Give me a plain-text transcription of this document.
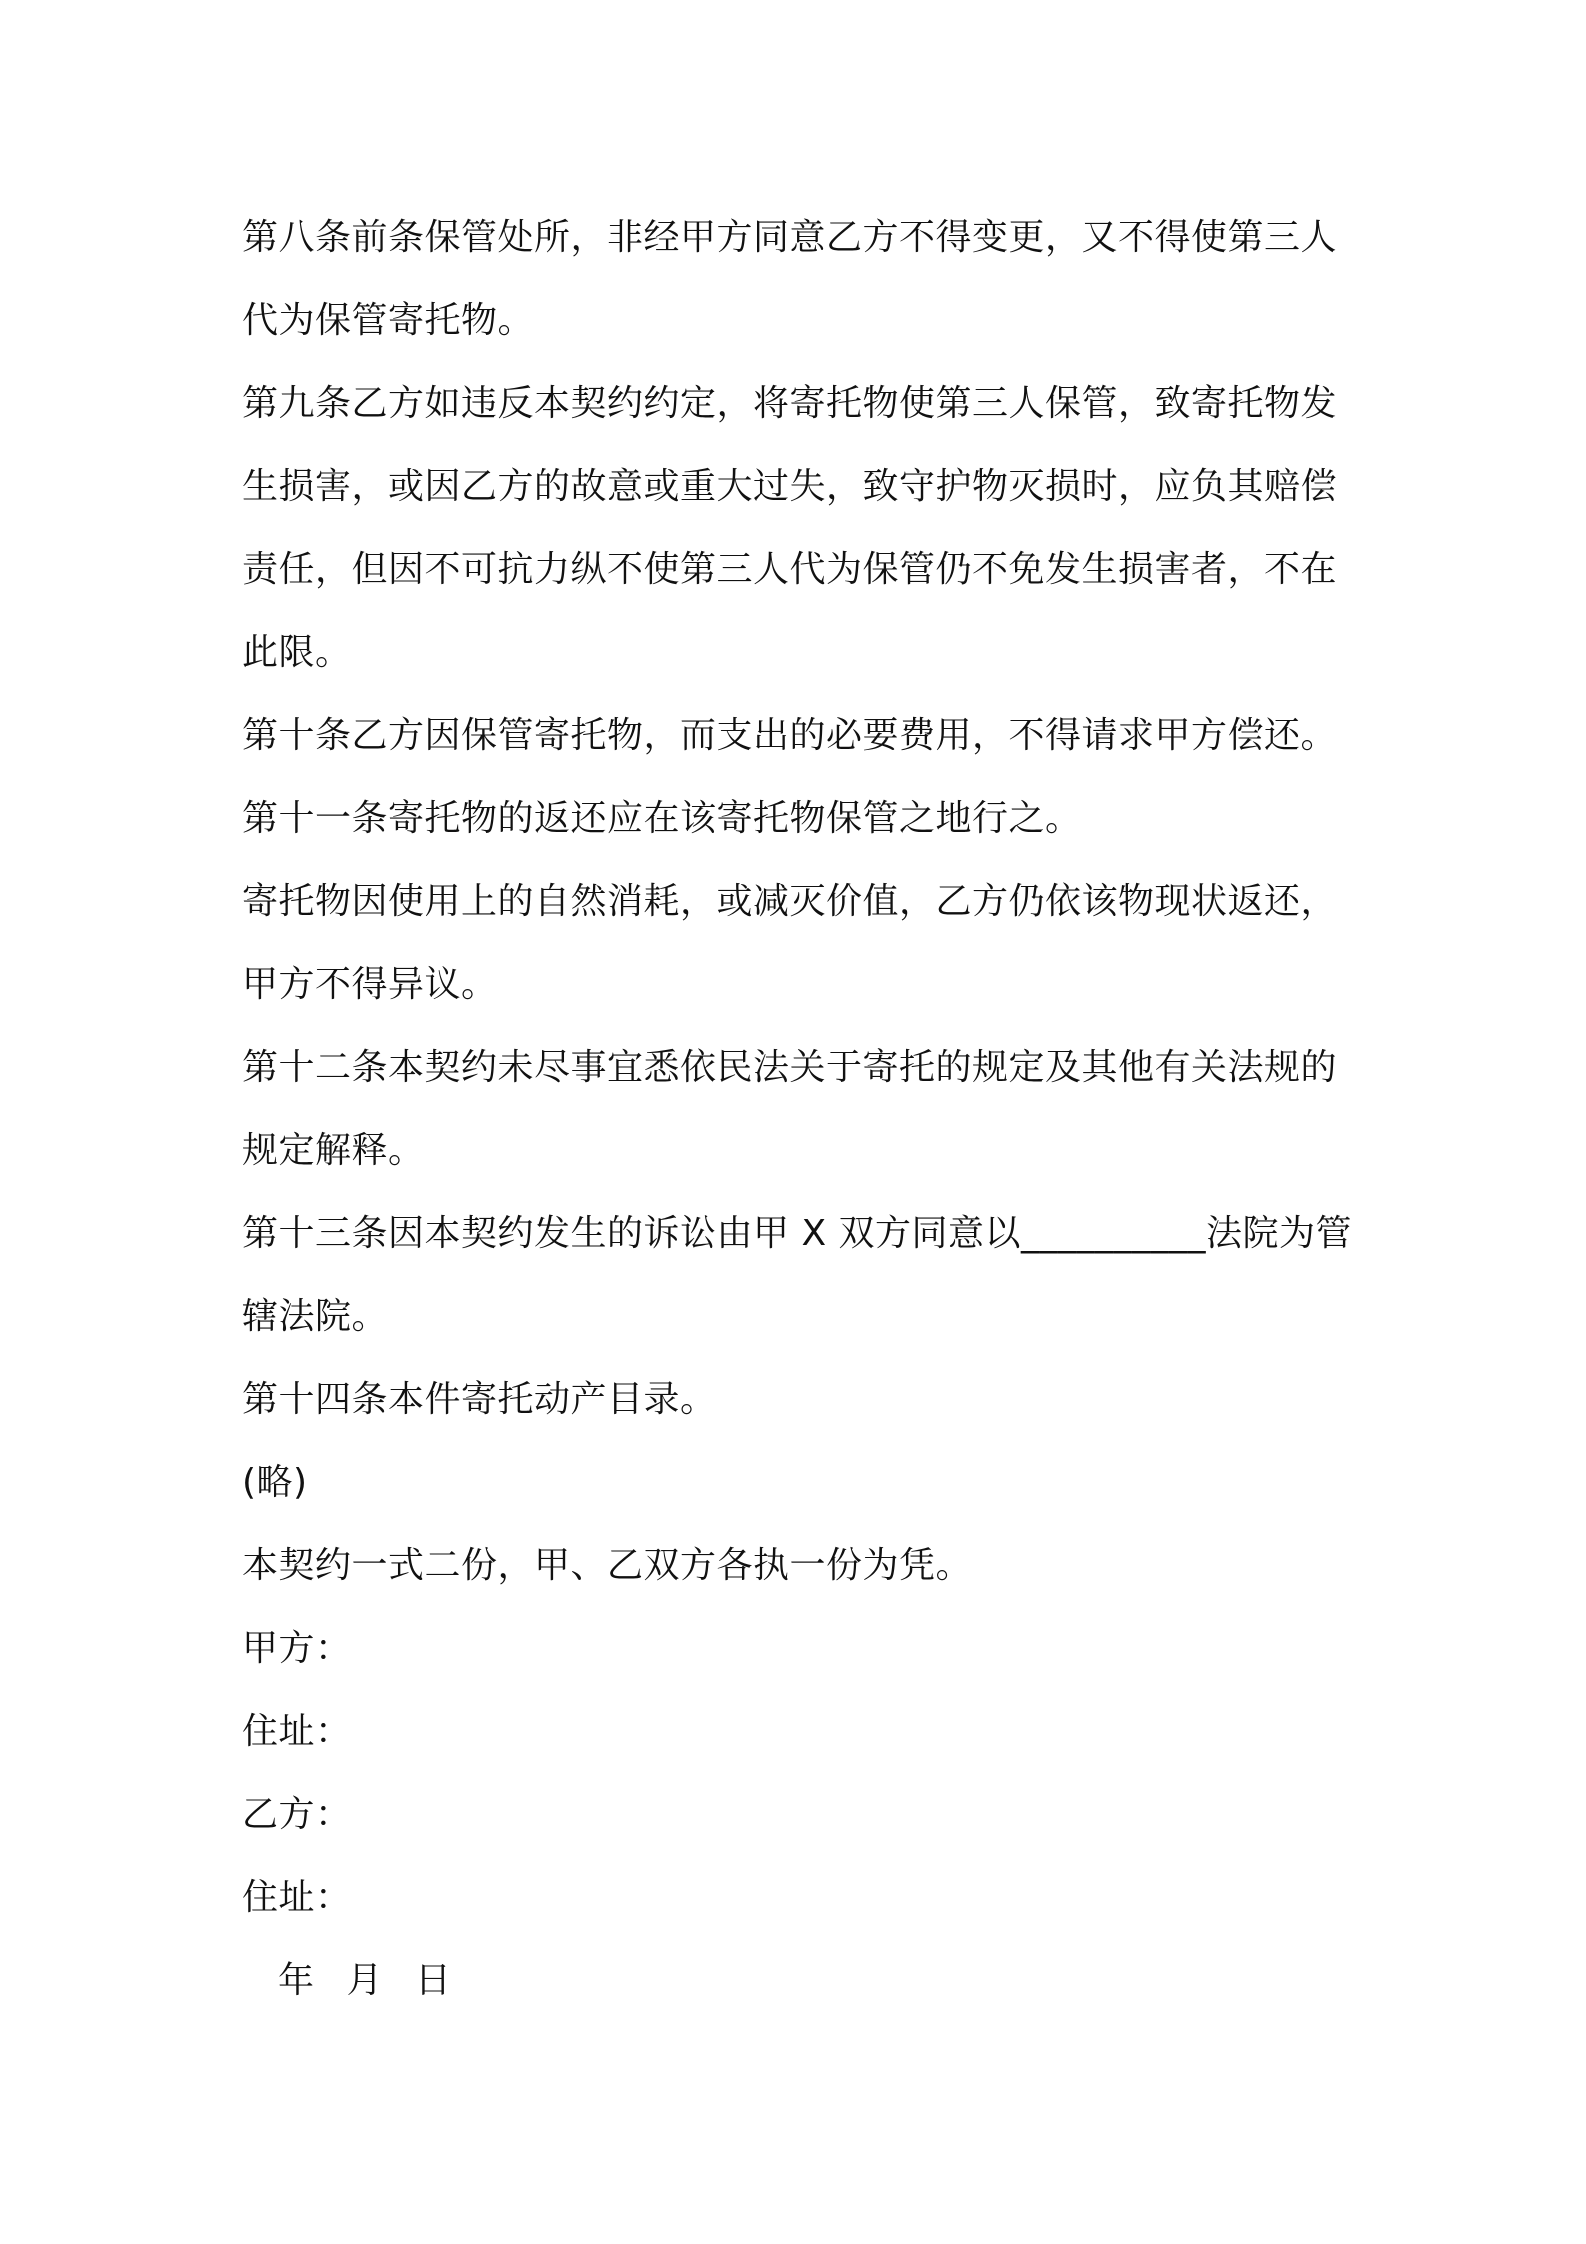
第八条前条保管处所，非经甲方同意乙方不得变更，又不得使第三人代为保管寄托物。

第九条乙方如违反本契约约定，将寄托物使第三人保管，致寄托物发生损害，或因乙方的故意或重大过失，致守护物灭损时，应负其赔偿责任，但因不可抗力纵不使第三人代为保管仍不免发生损害者，不在此限。

第十条乙方因保管寄托物，而支出的必要费用，不得请求甲方偿还。

第十一条寄托物的返还应在该寄托物保管之地行之。

寄托物因使用上的自然消耗，或减灭价值，乙方仍依该物现状返还，甲方不得异议。

第十二条本契约未尽事宜悉依民法关于寄托的规定及其他有关法规的规定解释。

第十三条因本契约发生的诉讼由甲 X 双方同意以__________法院为管辖法院。

第十四条本件寄托动产目录。

(略)

本契约一式二份，甲、乙双方各执一份为凭。

甲方：

住址：

乙方：

住址：

年 月 日
